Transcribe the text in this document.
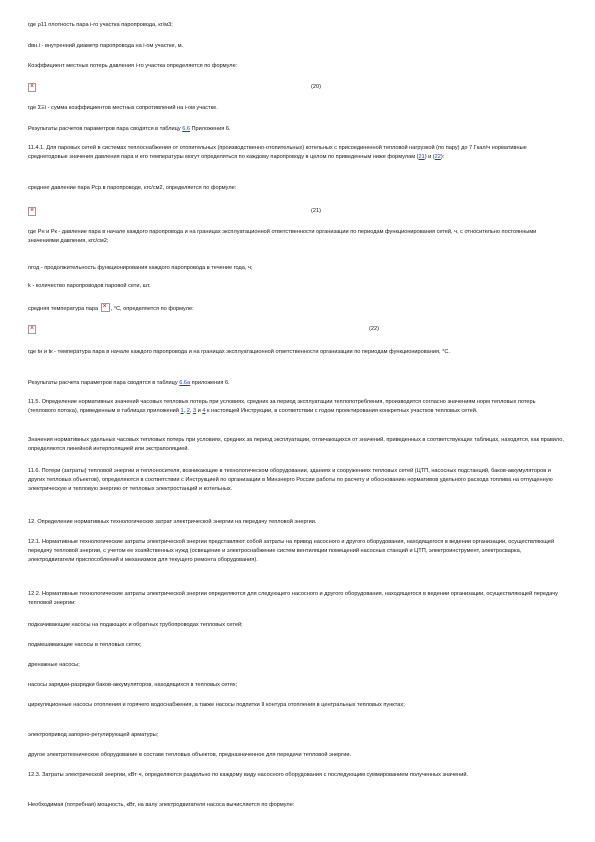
где ρ11 плотность пара i-го участка паропровода, кг/м3;

dвн.i - внутренний диаметр паропровода на i-ом участке, м.

Коэффициент местных потерь давления i-го участка определяется по формуле:

×
(20)

где ΣΞi - сумма коэффициентов местных сопротивлений на i-ом участке.

Результаты расчетов параметров пара сводятся в таблицу 6.6 Приложения 6.

11.4.1. Для паровых сетей в системах теплоснабжения от отопительных (производственно-отопительных) котельных с присоединенной тепловой нагрузкой (по пару) до 7 Гкал/ч нормативные среднегодовые значения давления пара и его температуры могут определяться по каждому паропроводу в целом по приведенным ниже формулам (21) и (22):

среднее давление пара Рср в паропроводе, кгс/см2, определяется по формуле:

×
(21)

где Рн и Рк - давление пара в начале каждого паропровода и на границах эксплуатационной ответственности организации по периодам функционирования сетей, ч, с относительно постоянными значениями давления, кгс/см2;

nгод - продолжительность функционирования каждого паропровода в течение года, ч;

k - количество паропроводов паровой сети, шт.

средняя температура пара ×, °С, определяется по формуле:

×
(22)

где tн и tк - температура пара в начале каждого паропровода и на границах эксплуатационной ответственности организации по периодам функционирования, °С.

Результаты расчета параметров пара сводятся в таблицу 6.6а приложения 6.

11.5. Определение нормативных значений часовых тепловых потерь при условиях, средних за период эксплуатации теплопотребления, производится согласно значениям норм тепловых потерь (теплового потока), приведенным в таблицах приложений 1, 2, 3 и 4 к настоящей Инструкции, в соответствии с годом проектирования конкретных участков тепловых сетей.

Значения нормативных удельных часовых тепловых потерь при условиях, средних за период эксплуатации, отличающихся от значений, приведенных в соответствующих таблицах, находятся, как правило, определяются линейной интерполяцией или экстраполяцией.

11.6. Потери (затраты) тепловой энергии и теплоносителя, возникающие в технологическом оборудовании, зданиях и сооружениях тепловых сетей (ЦТП, насосных подстанций, баков-аккумуляторов и других тепловых объектов), определяются в соответствии с Инструкцией по организации в Минэнерго России работы по расчету и обоснованию нормативов удельного расхода топлива на отпущенную электрическую и тепловую энергию от тепловых электростанций и котельных.

12. Определение нормативных технологических затрат электрической энергии на передачу тепловой энергии.

12.1. Нормативные технологические затраты электрической энергии представляют собой затраты на привод насосного и другого оборудования, находящегося в ведении организации, осуществляющей передачу тепловой энергии, с учетом ее хозяйственных нужд (освещение и электроснабжение систем вентиляции помещений насосных станций и ЦТП, электроинструмент, электросварка, электродвигатели приспособлений и механизмов для текущего ремонта оборудования).

12.2. Нормативные технологические затраты электрической энергии определяются для следующего насосного и другого оборудования, находящегося в ведении организации, осуществляющей передачу тепловой энергии:

подкачивающие насосы на подающих и обратных трубопроводах тепловых сетей;

подмешивающие насосы в тепловых сетях;

дренажные насосы;

насосы зарядки-разрядки баков-аккумуляторов, находящихся в тепловых сетях;

циркуляционные насосы отопления и горячего водоснабжения, а также насосы подпитки II контура отопления в центральных тепловых пунктах;

электропривод запорно-регулирующей арматуры;

другое электротехническое оборудование в составе тепловых объектов, предназначенное для передачи тепловой энергии.

12.3. Затраты электрической энергии, кВт·ч, определяются раздельно по каждому виду насосного оборудования с последующим суммированием полученных значений.

Необходимая (потребная) мощность, кВт, на валу электродвигателя насоса вычисляется по формуле:
